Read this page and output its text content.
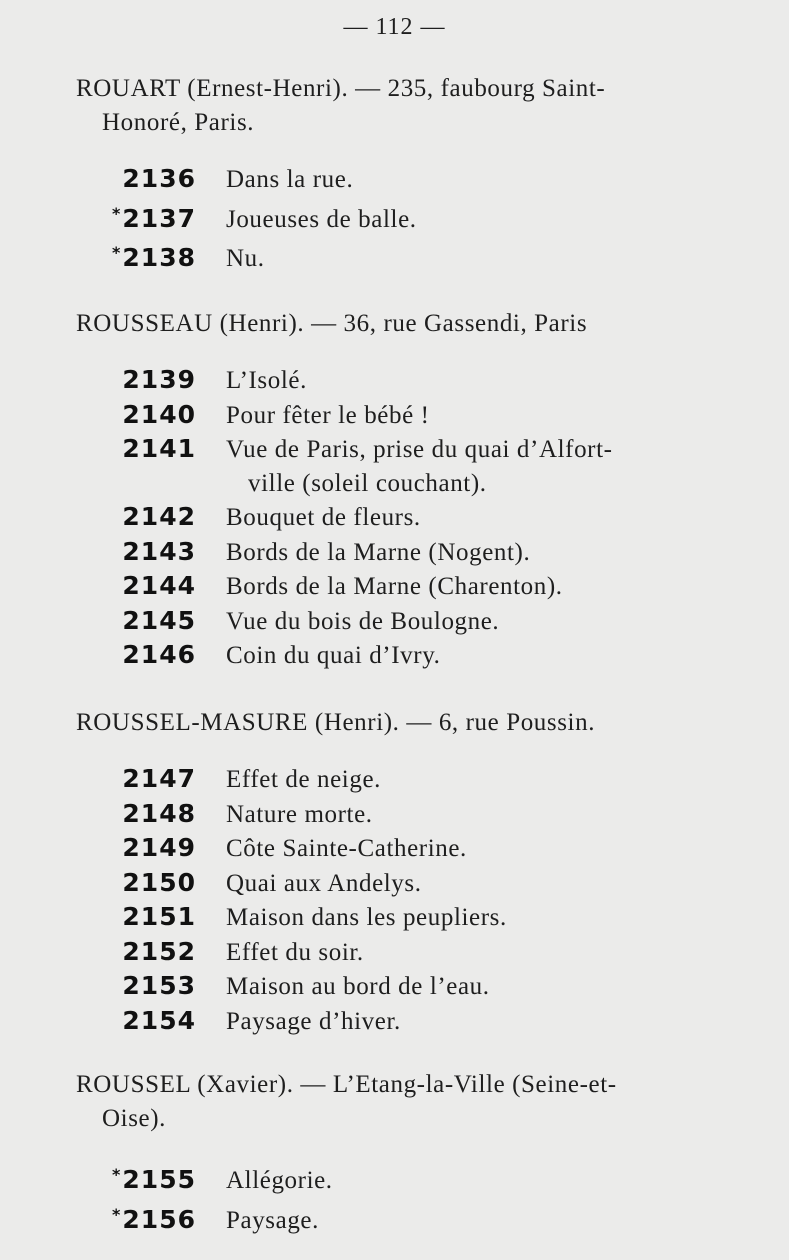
— 112 —

ROUART (Ernest-Henri). — 235, faubourg Saint-
Honoré, Paris.

2136	Dans la rue.
*2137	Joueuses de balle.
*2138	Nu.

ROUSSEAU (Henri). — 36, rue Gassendi, Paris

2139	L’Isolé.
2140	Pour fêter le bébé !
2141	Vue de Paris, prise du quai d’Alfort-
ville (soleil couchant).
2142	Bouquet de fleurs.
2143	Bords de la Marne (Nogent).
2144	Bords de la Marne (Charenton).
2145	Vue du bois de Boulogne.
2146	Coin du quai d’Ivry.

ROUSSEL-MASURE (Henri). — 6, rue Poussin.

2147	Effet de neige.
2148	Nature morte.
2149	Côte Sainte-Catherine.
2150	Quai aux Andelys.
2151	Maison dans les peupliers.
2152	Effet du soir.
2153	Maison au bord de l’eau.
2154	Paysage d’hiver.

ROUSSEL (Xavier). — L’Etang-la-Ville (Seine-et-
Oise).

*2155	Allégorie.
*2156	Paysage.
